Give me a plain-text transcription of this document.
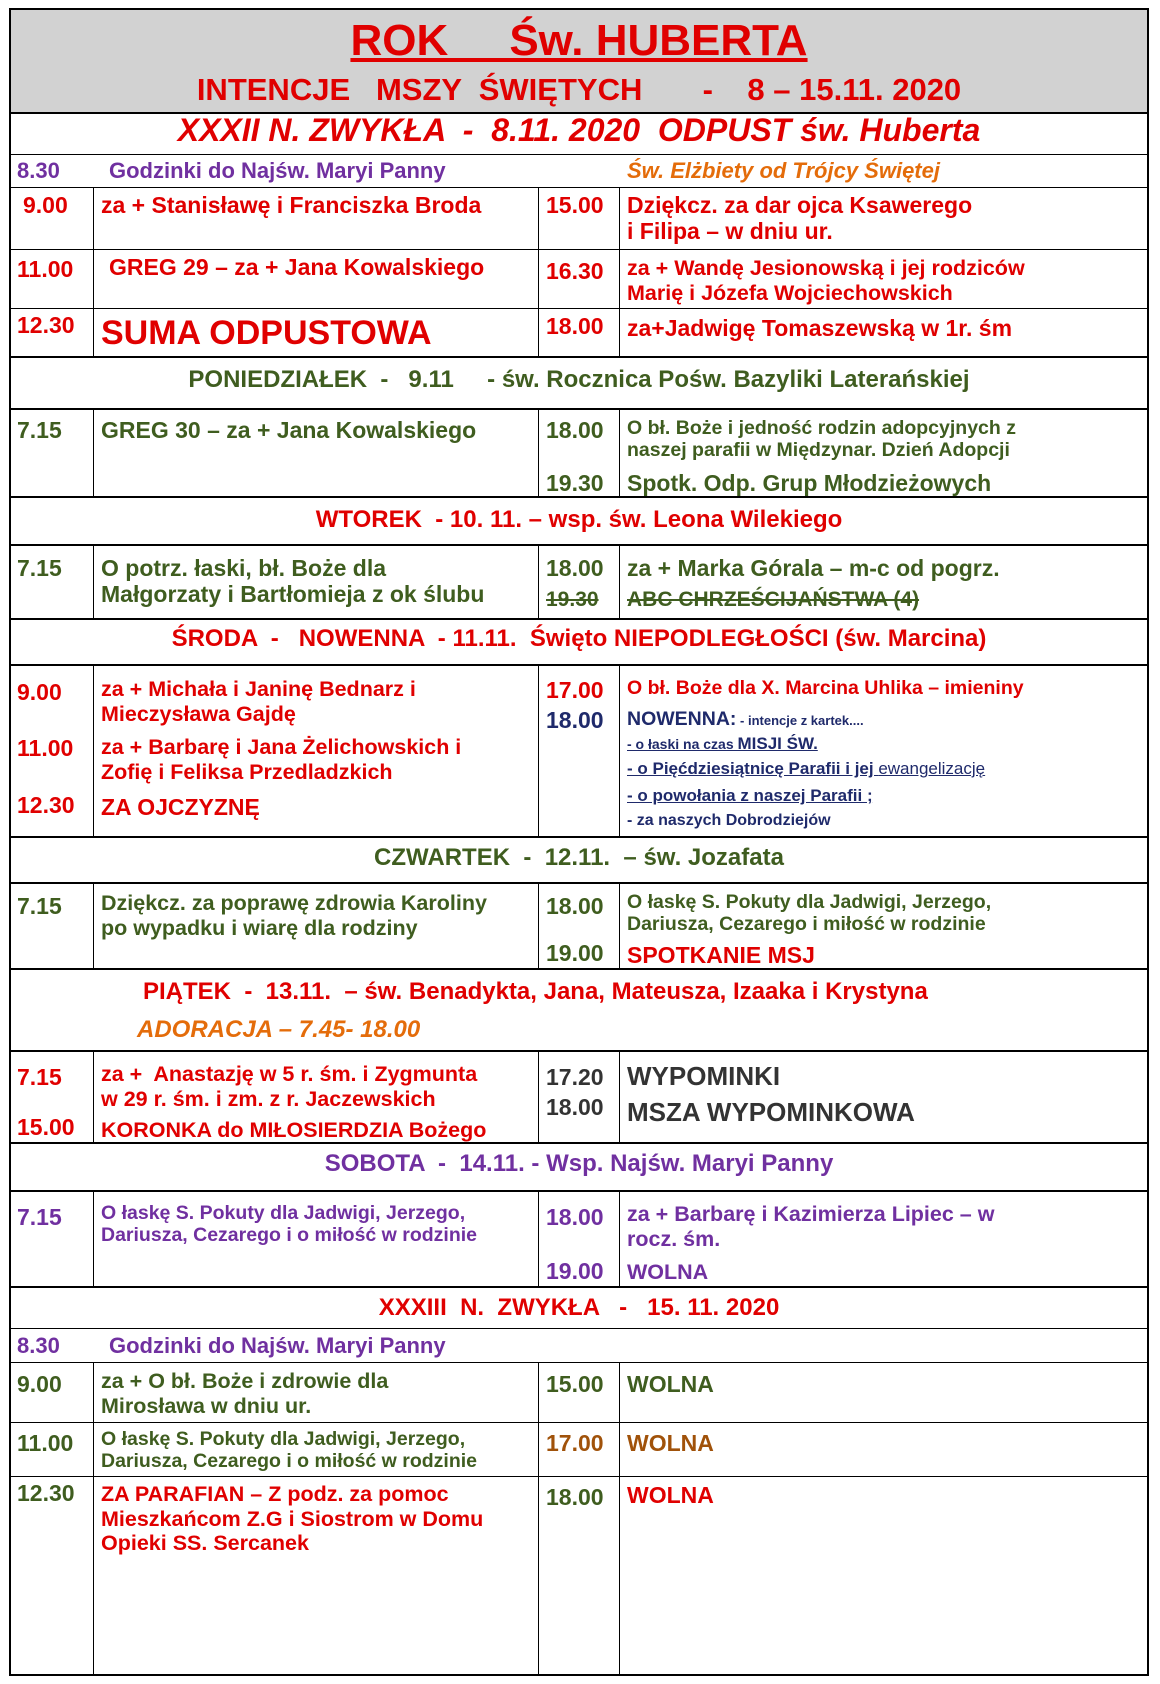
ROK     Św. HUBERTA
INTENCJE   MSZY  ŚWIĘTYCH       -    8 – 15.11. 2020
XXXII N. ZWYKŁA  -  8.11. 2020  ODPUST św. Huberta
8.30 Godzinki do Najśw. Maryi Panny	Św. Elżbiety od Trójcy Świętej
9.00 za + Stanisławę i Franciszka Broda	15.00 Dziękcz. za dar ojca Ksawerego
i Filipa – w dniu ur.
11.00 GREG 29 – za + Jana Kowalskiego	16.30 za + Wandę Jesionowską i jej rodziców
Marię i Józefa Wojciechowskich
12.30 SUMA ODPUSTOWA	18.00 za+Jadwigę Tomaszewską w 1r. śm
PONIEDZIAŁEK  -   9.11     - św. Rocznica Pośw. Bazyliki Laterańskiej
7.15 GREG 30 – za + Jana Kowalskiego	18.00 O bł. Boże i jedność rodzin adopcyjnych z
naszej parafii w Międzynar. Dzień Adopcji
19.30 Spotk. Odp. Grup Młodzieżowych
WTOREK  - 10. 11. – wsp. św. Leona Wilekiego
7.15 O potrz. łaski, bł. Boże dla
Małgorzaty i Bartłomieja z ok ślubu
18.00 za + Marka Górala – m-c od pogrz.
19.30 ABC CHRZEŚCIJAŃSTWA (4)
ŚRODA  -   NOWENNA  - 11.11.  Święto NIEPODLEGŁOŚCI (św. Marcina)
9.00 za + Michała i Janinę Bednarz i
Mieczysława Gajdę
11.00 za + Barbarę i Jana Żelichowskich i
Zofię i Feliksa Przedladzkich
12.30 ZA OJCZYZNĘ
17.00 O bł. Boże dla X. Marcina Uhlika – imieniny
18.00 NOWENNA: - intencje z kartek....
- o łaski na czas MISJI ŚW.
- o Pięćdziesiątnicę Parafii i jej ewangelizację
- o powołania z naszej Parafii ;
- za naszych Dobrodziejów
CZWARTEK  -  12.11.  – św. Jozafata
7.15 Dziękcz. za poprawę zdrowia Karoliny
po wypadku i wiarę dla rodziny
18.00 O łaskę S. Pokuty dla Jadwigi, Jerzego,
Dariusza, Cezarego i miłość w rodzinie
19.00 SPOTKANIE MSJ
PIĄTEK  -  13.11.  – św. Benadykta, Jana, Mateusza, Izaaka i Krystyna
ADORACJA – 7.45- 18.00
7.15 za +  Anastazję w 5 r. śm. i Zygmunta
w 29 r. śm. i zm. z r. Jaczewskich
15.00 KORONKA do MIŁOSIERDZIA Bożego
17.20 WYPOMINKI
18.00 MSZA WYPOMINKOWA
SOBOTA  -  14.11. - Wsp. Najśw. Maryi Panny
7.15 O łaskę S. Pokuty dla Jadwigi, Jerzego,
Dariusza, Cezarego i o miłość w rodzinie
18.00 za + Barbarę i Kazimierza Lipiec – w
rocz. śm.
19.00 WOLNA
XXXIII  N.  ZWYKŁA   -   15. 11. 2020
8.30 Godzinki do Najśw. Maryi Panny
9.00 za + O bł. Boże i zdrowie dla
Mirosława w dniu ur.
15.00 WOLNA
11.00 O łaskę S. Pokuty dla Jadwigi, Jerzego,
Dariusza, Cezarego i o miłość w rodzinie
17.00 WOLNA
12.30 ZA PARAFIAN – Z podz. za pomoc
Mieszkańcom Z.G i Siostrom w Domu
Opieki SS. Sercanek
18.00 WOLNA
